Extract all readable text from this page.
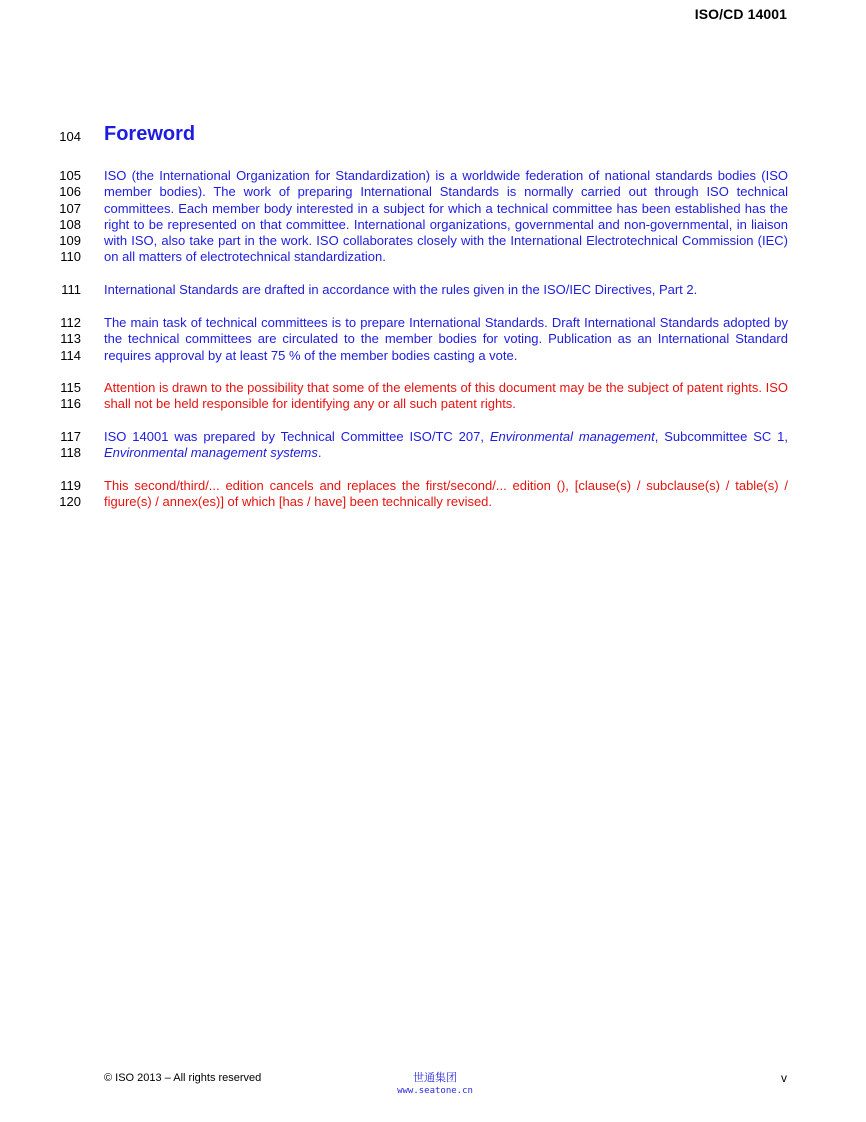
ISO/CD 14001
104 Foreword
105
106
107
108
109
110
ISO (the International Organization for Standardization) is a worldwide federation of national standards bodies (ISO member bodies). The work of preparing International Standards is normally carried out through ISO technical committees. Each member body interested in a subject for which a technical committee has been established has the right to be represented on that committee. International organizations, governmental and non-governmental, in liaison with ISO, also take part in the work. ISO collaborates closely with the International Electrotechnical Commission (IEC) on all matters of electrotechnical standardization.
111 International Standards are drafted in accordance with the rules given in the ISO/IEC Directives, Part 2.
112
113
114
The main task of technical committees is to prepare International Standards. Draft International Standards adopted by the technical committees are circulated to the member bodies for voting. Publication as an International Standard requires approval by at least 75 % of the member bodies casting a vote.
115
116
Attention is drawn to the possibility that some of the elements of this document may be the subject of patent rights. ISO shall not be held responsible for identifying any or all such patent rights.
117
118
ISO 14001 was prepared by Technical Committee ISO/TC 207, Environmental management, Subcommittee SC 1, Environmental management systems.
119
120
This second/third/... edition cancels and replaces the first/second/... edition (), [clause(s) / subclause(s) / table(s) / figure(s) / annex(es)] of which [has / have] been technically revised.
© ISO 2013 – All rights reserved	世通集团
www.seatone.cn
v
